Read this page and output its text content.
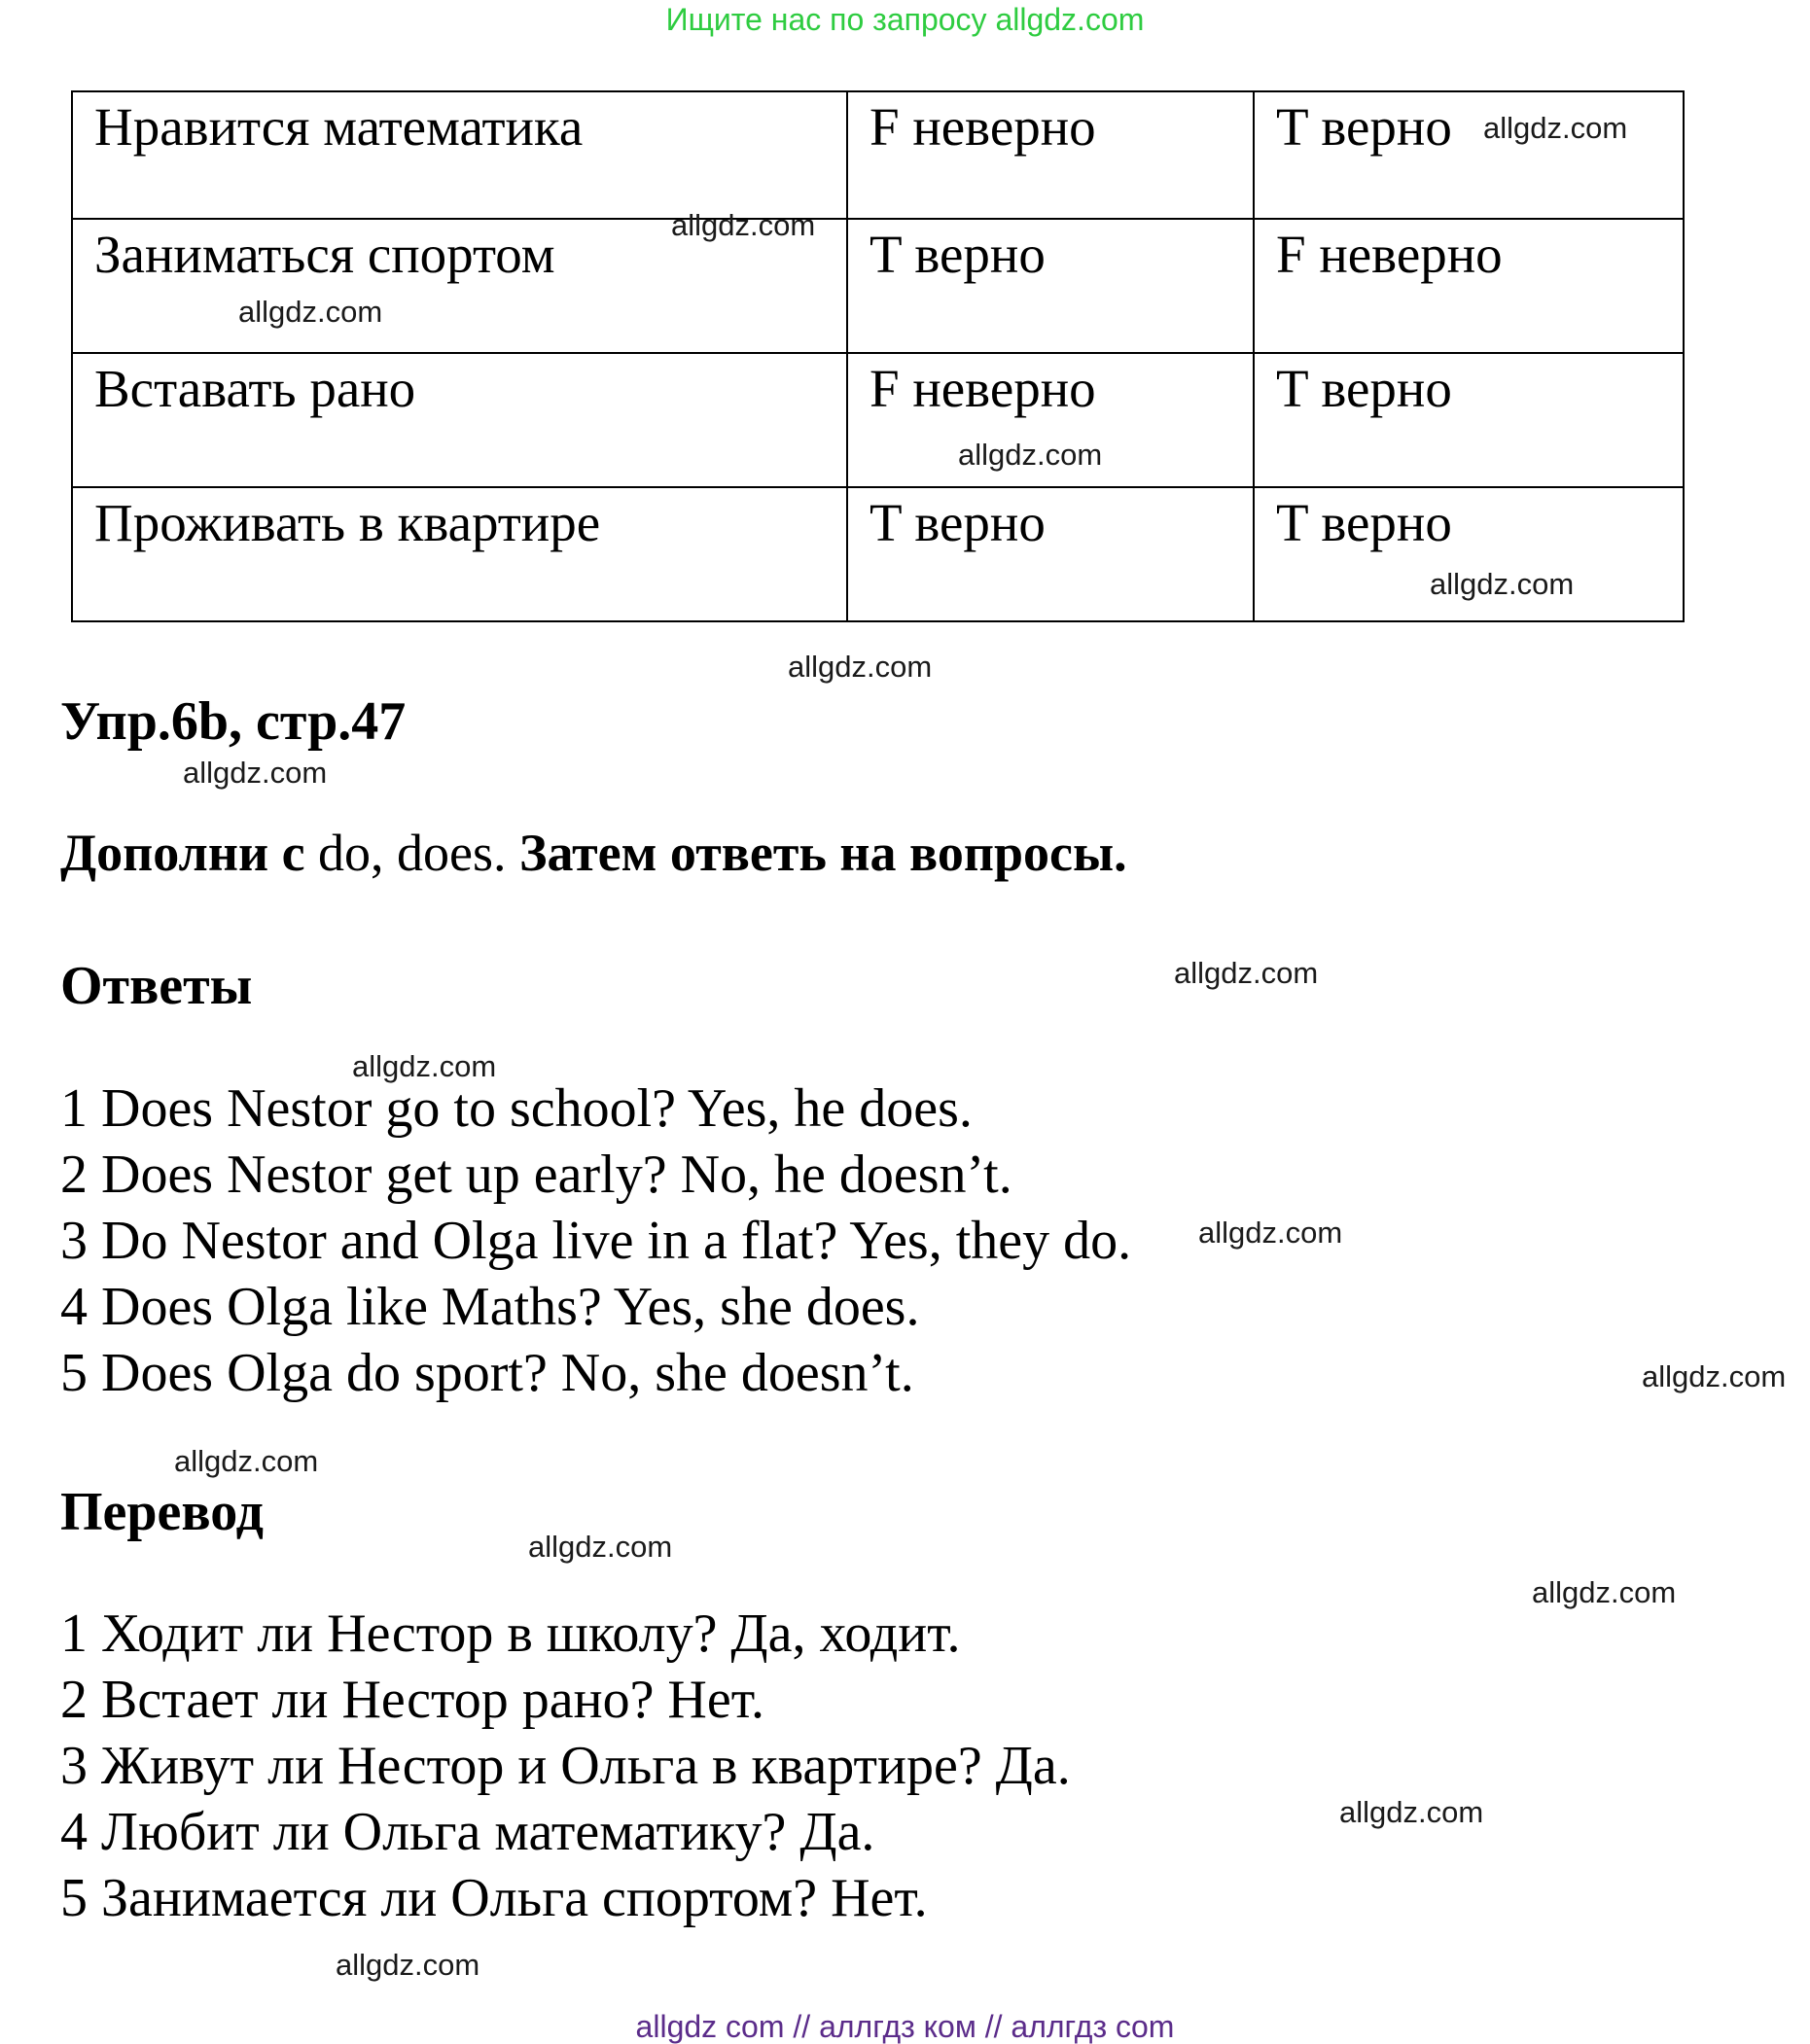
Ищите нас по запросу allgdz.com
Нравится математика	F неверно	T верно
Заниматься спортом	T верно	F неверно
Вставать рано	F неверно	T верно
Проживать в квартире	T верно	T верно
Упр.6b, стр.47
Дополни с do, does. Затем ответь на вопросы.
Ответы
1 Does Nestor go to school? Yes, he does.
2 Does Nestor get up early? No, he doesn’t.
3 Do Nestor and Olga live in a flat? Yes, they do.
4 Does Olga like Maths? Yes, she does.
5 Does Olga do sport? No, she doesn’t.
Перевод
1 Ходит ли Нестор в школу? Да, ходит.
2 Встает ли Нестор рано? Нет.
3 Живут ли Нестор и Ольга в квартире? Да.
4 Любит ли Ольга математику? Да.
5 Занимается ли Ольга спортом? Нет.
allgdz.com
allgdz.com
allgdz.com
allgdz.com
allgdz.com
allgdz.com
allgdz.com
allgdz.com
allgdz.com
allgdz.com
allgdz.com
allgdz.com
allgdz.com
allgdz.com
allgdz.com
allgdz.com
allgdz com // аллгдз ком // аллгдз com
